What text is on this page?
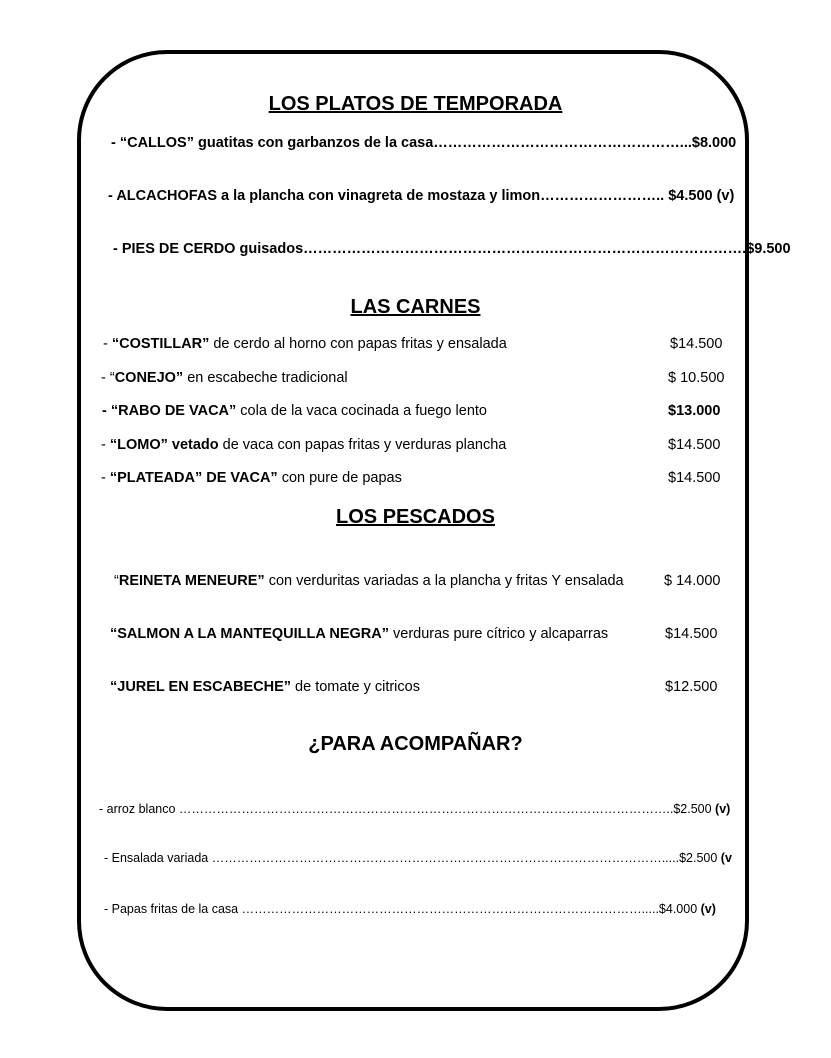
LOS PLATOS DE TEMPORADA
- “CALLOS” guatitas con garbanzos de la casa……………………………………………...$8.000
- ALCACHOFAS a la plancha con vinagreta de mostaza y limon…………………….. $4.500 (v)
- PIES DE CERDO guisados…………………………………………….………………………………….$9.500
LAS CARNES
- “COSTILLAR” de cerdo al horno con papas fritas y ensalada	$14.500
- “CONEJO” en escabeche tradicional	$ 10.500
- “RABO DE VACA” cola de la vaca cocinada a fuego lento	$13.000
- “LOMO” vetado de vaca con papas fritas y verduras plancha	$14.500
- “PLATEADA” DE VACA” con pure de papas	$14.500
LOS PESCADOS
“REINETA MENEURE” con verduritas variadas a la plancha y fritas Y ensalada	$ 14.000
“SALMON A LA MANTEQUILLA NEGRA” verduras pure cítrico y alcaparras	$14.500
“JUREL EN ESCABECHE” de tomate y citricos	$12.500
¿PARA ACOMPAÑAR?
- arroz blanco ………………………………………………………………………………………………………..$2.500 (v)
- Ensalada variada ……………………………………………………………………………………………….....$2.500 (v
- Papas fritas de la casa …………………………………………………………………………………….....$4.000 (v)
